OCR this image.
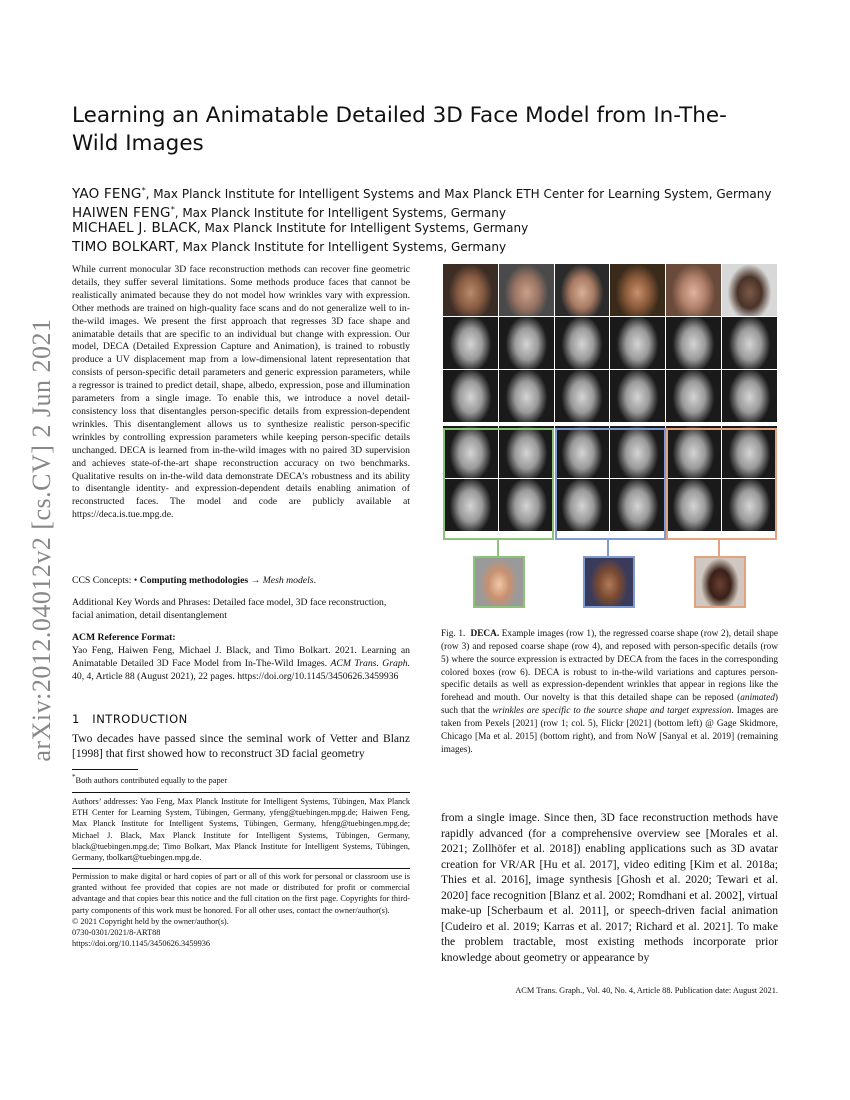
arXiv:2012.04012v2 [cs.CV] 2 Jun 2021
Learning an Animatable Detailed 3D Face Model from In-The-Wild Images
YAO FENG*, Max Planck Institute for Intelligent Systems and Max Planck ETH Center for Learning System, Germany
HAIWEN FENG*, Max Planck Institute for Intelligent Systems, Germany
MICHAEL J. BLACK, Max Planck Institute for Intelligent Systems, Germany
TIMO BOLKART, Max Planck Institute for Intelligent Systems, Germany
While current monocular 3D face reconstruction methods can recover fine geometric details, they suffer several limitations. Some methods produce faces that cannot be realistically animated because they do not model how wrinkles vary with expression. Other methods are trained on high-quality face scans and do not generalize well to in-the-wild images. We present the first approach that regresses 3D face shape and animatable details that are specific to an individual but change with expression. Our model, DECA (Detailed Expression Capture and Animation), is trained to robustly produce a UV displacement map from a low-dimensional latent representation that consists of person-specific detail parameters and generic expression parameters, while a regressor is trained to predict detail, shape, albedo, expression, pose and illumination parameters from a single image. To enable this, we introduce a novel detail-consistency loss that disentangles person-specific details from expression-dependent wrinkles. This disentanglement allows us to synthesize realistic person-specific wrinkles by controlling expression parameters while keeping person-specific details unchanged. DECA is learned from in-the-wild images with no paired 3D supervision and achieves state-of-the-art shape reconstruction accuracy on two benchmarks. Qualitative results on in-the-wild data demonstrate DECA’s robustness and its ability to disentangle identity- and expression-dependent details enabling animation of reconstructed faces. The model and code are publicly available at https://deca.is.tue.mpg.de.
CCS Concepts: • Computing methodologies → Mesh models.
Additional Key Words and Phrases: Detailed face model, 3D face reconstruction, facial animation, detail disentanglement
ACM Reference Format:
Yao Feng, Haiwen Feng, Michael J. Black, and Timo Bolkart. 2021. Learning an Animatable Detailed 3D Face Model from In-The-Wild Images. ACM Trans. Graph. 40, 4, Article 88 (August 2021), 22 pages. https://doi.org/10.1145/3450626.3459936
1 INTRODUCTION
Two decades have passed since the seminal work of Vetter and Blanz [1998] that first showed how to reconstruct 3D facial geometry
*Both authors contributed equally to the paper
Authors’ addresses: Yao Feng, Max Planck Institute for Intelligent Systems, Tübingen, Max Planck ETH Center for Learning System, Tübingen, Germany, yfeng@tuebingen.mpg.de; Haiwen Feng, Max Planck Institute for Intelligent Systems, Tübingen, Germany, hfeng@tuebingen.mpg.de; Michael J. Black, Max Planck Institute for Intelligent Systems, Tübingen, Germany, black@tuebingen.mpg.de; Timo Bolkart, Max Planck Institute for Intelligent Systems, Tübingen, Germany, tbolkart@tuebingen.mpg.de.
Permission to make digital or hard copies of part or all of this work for personal or classroom use is granted without fee provided that copies are not made or distributed for profit or commercial advantage and that copies bear this notice and the full citation on the first page. Copyrights for third-party components of this work must be honored. For all other uses, contact the owner/author(s).
© 2021 Copyright held by the owner/author(s).
0730-0301/2021/8-ART88
https://doi.org/10.1145/3450626.3459936
Fig. 1. DECA. Example images (row 1), the regressed coarse shape (row 2), detail shape (row 3) and reposed coarse shape (row 4), and reposed with person-specific details (row 5) where the source expression is extracted by DECA from the faces in the corresponding colored boxes (row 6). DECA is robust to in-the-wild variations and captures person-specific details as well as expression-dependent wrinkles that appear in regions like the forehead and mouth. Our novelty is that this detailed shape can be reposed (animated) such that the wrinkles are specific to the source shape and target expression. Images are taken from Pexels [2021] (row 1; col. 5), Flickr [2021] (bottom left) @ Gage Skidmore, Chicago [Ma et al. 2015] (bottom right), and from NoW [Sanyal et al. 2019] (remaining images).
from a single image. Since then, 3D face reconstruction methods have rapidly advanced (for a comprehensive overview see [Morales et al. 2021; Zollhöfer et al. 2018]) enabling applications such as 3D avatar creation for VR/AR [Hu et al. 2017], video editing [Kim et al. 2018a; Thies et al. 2016], image synthesis [Ghosh et al. 2020; Tewari et al. 2020] face recognition [Blanz et al. 2002; Romdhani et al. 2002], virtual make-up [Scherbaum et al. 2011], or speech-driven facial animation [Cudeiro et al. 2019; Karras et al. 2017; Richard et al. 2021]. To make the problem tractable, most existing methods incorporate prior knowledge about geometry or appearance by
ACM Trans. Graph., Vol. 40, No. 4, Article 88. Publication date: August 2021.
